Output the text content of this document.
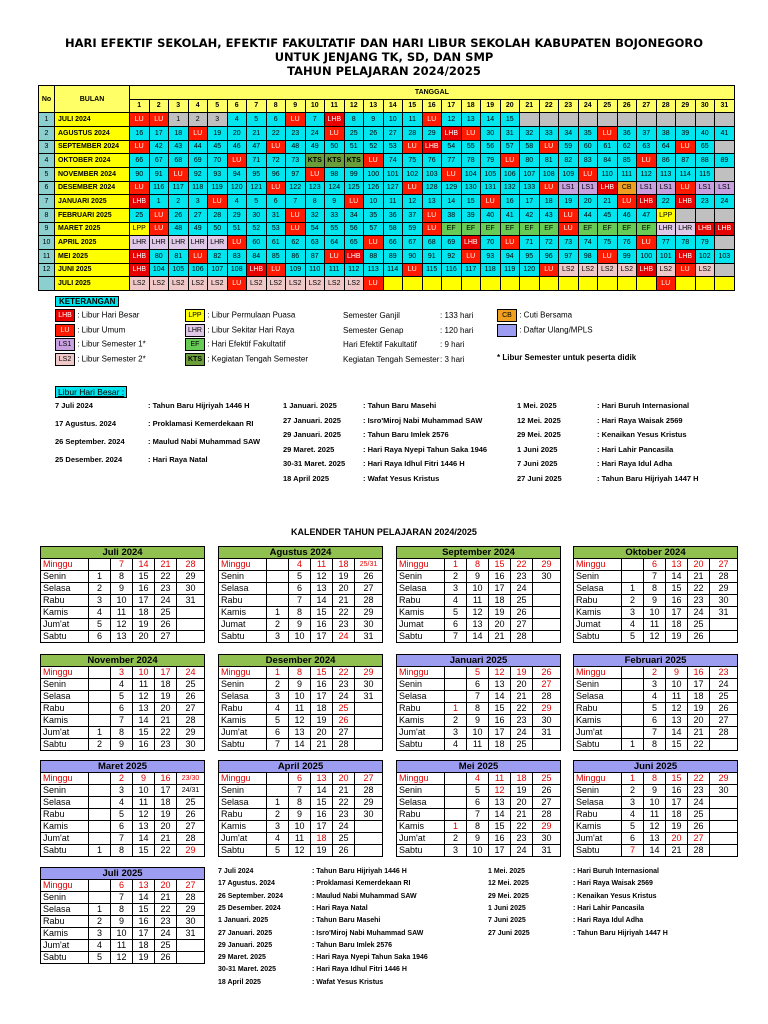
HARI EFEKTIF SEKOLAH, EFEKTIF FAKULTATIF DAN HARI LIBUR SEKOLAH KABUPATEN BOJONEGORO
UNTUK JENJANG TK, SD, DAN SMP
TAHUN PELAJARAN 2024/2025
No	BULAN	TANGGAL																														
		1	2	3	4	5	6	7	8	9	10	11	12	13	14	15	16	17	18	19	20	21	22	23	24	25	26	27	28	29	30	31
1	JULI 2024	LU	LU	1	2	3	4	5	6	LU	7	LHB	8	9	10	11	LU	12	13	14	15											
2	AGUSTUS 2024	16	17	18	LU	19	20	21	22	23	24	LU	25	26	27	28	29	LHB	LU	30	31	32	33	34	35	LU	36	37	38	39	40	41
3	SEPTEMBER 2024	LU	42	43	44	45	46	47	LU	48	49	50	51	52	53	LU	LHB	54	55	56	57	58	LU	59	60	61	62	63	64	LU	65	
4	OKTOBER 2024	66	67	68	69	70	LU	71	72	73	KTS	KTS	KTS	LU	74	75	76	77	78	79	LU	80	81	82	83	84	85	LU	86	87	88	89
5	NOVEMBER 2024	90	91	LU	92	93	94	95	96	97	LU	98	99	100	101	102	103	LU	104	105	106	107	108	109	LU	110	111	112	113	114	115	
6	DESEMBER 2024	LU	116	117	118	119	120	121	LU	122	123	124	125	126	127	LU	128	129	130	131	132	133	LU	LS1	LS1	LHB	CB	LS1	LS1	LU	LS1	LS1
7	JANUARI 2025	LHB	1	2	3	LU	4	5	6	7	8	9	LU	10	11	12	13	14	15	LU	16	17	18	19	20	21	LU	LHB	22	LHB	23	24
8	FEBRUARI 2025	25	LU	26	27	28	29	30	31	LU	32	33	34	35	36	37	LU	38	39	40	41	42	43	LU	44	45	46	47	LPP			
9	MARET 2025	LPP	LU	48	49	50	51	52	53	LU	54	55	56	57	58	59	LU	EF	EF	EF	EF	EF	EF	LU	EF	EF	EF	EF	LHR	LHR	LHB	LHB
10	APRIL 2025	LHR	LHR	LHR	LHR	LHR	LU	60	61	62	63	64	65	LU	66	67	68	69	LHB	70	LU	71	72	73	74	75	76	LU	77	78	79	
11	MEI 2025	LHB	80	81	LU	82	83	84	85	86	87	LU	LHB	88	89	90	91	92	LU	93	94	95	96	97	98	LU	99	100	101	LHB	102	103
12	JUNI 2025	LHB	104	105	106	107	108	LHB	LU	109	110	111	112	113	114	LU	115	116	117	118	119	120	LU	LS2	LS2	LS2	LS2	LHB	LS2	LU	LS2	
	JULI 2025	LS2	LS2	LS2	LS2	LS2	LU	LS2	LS2	LS2	LS2	LS2	LS2	LU															LU			
KETERANGAN
LHB : Libur Hari Besar
LU : Libur Umum
LS1 : Libur Semester 1*
LS2 : Libur Semester 2*
LPP : Libur Permulaan Puasa
LHR : Libur Sekitar Hari Raya
EF : Hari Efektif Fakultatif
KTS : Kegiatan Tengah Semester
Semester Ganjil	: 133 hari
Semester Genap	: 120 hari
Hari Efektif Fakultatif	: 9 hari
Kegiatan Tengah Semester : 3 hari
CB : Cuti Bersama
: Daftar Ulang/MPLS
* Libur Semester untuk peserta didik
Libur Hari Besar :
7 Juli 2024	: Tahun Baru Hijriyah 1446 H
17 Agustus. 2024	: Proklamasi Kemerdekaan RI
26 September. 2024	: Maulud Nabi Muhammad SAW
25 Desember. 2024	: Hari Raya Natal
1 Januari. 2025	: Tahun Baru Masehi
27 Januari. 2025	: Isro'Miroj Nabi Muhammad SAW
29 Januari. 2025	: Tahun Baru Imlek 2576
29 Maret. 2025	: Hari Raya Nyepi Tahun Saka 1946
30-31 Maret. 2025 : Hari Raya Idhul Fitri 1446 H
18 April 2025	: Wafat Yesus Kristus
1 Mei. 2025	: Hari Buruh Internasional
12 Mei. 2025	: Hari Raya Waisak 2569
29 Mei. 2025	: Kenaikan Yesus Kristus
1 Juni 2025	: Hari Lahir Pancasila
7 Juni 2025	: Hari Raya Idul Adha
27 Juni 2025	: Tahun Baru Hijriyah 1447 H
KALENDER TAHUN PELAJARAN 2024/2025
Juli 2024					
Minggu		7	14	21	28
Senin	1	8	15	22	29
Selasa	2	9	16	23	30
Rabu	3	10	17	24	31
Kamis	4	11	18	25	
Jum'at	5	12	19	26	
Sabtu	6	13	20	27	
Agustus 2024					
Minggu		4	11	18	25/31
Senin		5	12	19	26
Selasa		6	13	20	27
Rabu		7	14	21	28
Kamis	1	8	15	22	29
Jumat	2	9	16	23	30
Sabtu	3	10	17	24	31
September 2024					
Minggu	1	8	15	22	29
Senin	2	9	16	23	30
Selasa	3	10	17	24	
Rabu	4	11	18	25	
Kamis	5	12	19	26	
Jumat	6	13	20	27	
Sabtu	7	14	21	28	
Oktober 2024					
Minggu		6	13	20	27
Senin		7	14	21	28
Selasa	1	8	15	22	29
Rabu	2	9	16	23	30
Kamis	3	10	17	24	31
Jumat	4	11	18	25	
Sabtu	5	12	19	26	
November 2024					
Minggu		3	10	17	24
Senin		4	11	18	25
Selasa		5	12	19	26
Rabu		6	13	20	27
Kamis		7	14	21	28
Jum'at	1	8	15	22	29
Sabtu	2	9	16	23	30
Desember 2024					
Minggu	1	8	15	22	29
Senin	2	9	16	23	30
Selasa	3	10	17	24	31
Rabu	4	11	18	25	
Kamis	5	12	19	26	
Jum'at	6	13	20	27	
Sabtu	7	14	21	28	
Januari 2025					
Minggu		5	12	19	26
Senin		6	13	20	27
Selasa		7	14	21	28
Rabu	1	8	15	22	29
Kamis	2	9	16	23	30
Jum'at	3	10	17	24	31
Sabtu	4	11	18	25	
Februari 2025					
Minggu		2	9	16	23
Senin		3	10	17	24
Selasa		4	11	18	25
Rabu		5	12	19	26
Kamis		6	13	20	27
Jum'at		7	14	21	28
Sabtu	1	8	15	22	
Maret 2025					
Minggu		2	9	16	23/30
Senin		3	10	17	24/31
Selasa		4	11	18	25
Rabu		5	12	19	26
Kamis		6	13	20	27
Jum'at		7	14	21	28
Sabtu	1	8	15	22	29
April 2025					
Minggu		6	13	20	27
Senin		7	14	21	28
Selasa	1	8	15	22	29
Rabu	2	9	16	23	30
Kamis	3	10	17	24	
Jum'at	4	11	18	25	
Sabtu	5	12	19	26	
Mei 2025					
Minggu		4	11	18	25
Senin		5	12	19	26
Selasa		6	13	20	27
Rabu		7	14	21	28
Kamis	1	8	15	22	29
Jum'at	2	9	16	23	30
Sabtu	3	10	17	24	31
Juni 2025					
Minggu	1	8	15	22	29
Senin	2	9	16	23	30
Selasa	3	10	17	24	
Rabu	4	11	18	25	
Kamis	5	12	19	26	
Jum'at	6	13	20	27	
Sabtu	7	14	21	28	
Juli 2025					
Minggu		6	13	20	27
Senin		7	14	21	28
Selasa	1	8	15	22	29
Rabu	2	9	16	23	30
Kamis	3	10	17	24	31
Jum'at	4	11	18	25	
Sabtu	5	12	19	26	
7 Juli 2024	: Tahun Baru Hijriyah 1446 H
17 Agustus. 2024	: Proklamasi Kemerdekaan RI
26 September. 2024	: Maulud Nabi Muhammad SAW
25 Desember. 2024	: Hari Raya Natal
1 Januari. 2025	: Tahun Baru Masehi
27 Januari. 2025	: Isro'Miroj Nabi Muhammad SAW
29 Januari. 2025	: Tahun Baru Imlek 2576
29 Maret. 2025	: Hari Raya Nyepi Tahun Saka 1946
30-31 Maret. 2025	: Hari Raya Idhul Fitri 1446 H
18 April 2025	: Wafat Yesus Kristus
1 Mei. 2025	: Hari Buruh Internasional
12 Mei. 2025	: Hari Raya Waisak 2569
29 Mei. 2025	: Kenaikan Yesus Kristus
1 Juni 2025	: Hari Lahir Pancasila
7 Juni 2025	: Hari Raya Idul Adha
27 Juni 2025	: Tahun Baru Hijriyah 1447 H
